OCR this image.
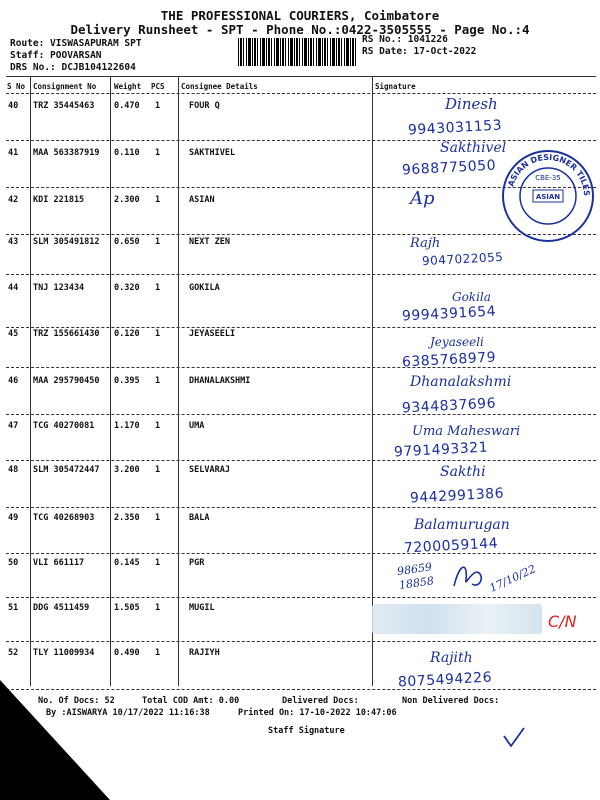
THE PROFESSIONAL COURIERS, Coimbatore
Delivery Runsheet - SPT - Phone No.:0422-3505555 - Page No.:4
Route: VISWASAPURAM SPT
Staff: POOVARSAN
DRS No.: DCJB104122604
RS No.: 1041226
RS Date: 17-Oct-2022
S No Consignment No Weight PCS Consignee Details	Signature
40 TRZ 35445463 0.470 1	FOUR Q	Dinesh
9943031153
41 MAA 563387919 0.110 1	SAKTHIVEL	Sakthivel
9688775050
42 KDI 221815	2.300 1	ASIAN	Ap
ASIAN DESIGNER TILES
CBE-35
ASIAN
43 SLM 305491812 0.650 1	NEXT ZEN	Rajh
9047022055
44 TNJ 123434	0.320 1	GOKILA
Gokila
9994391654
45 TRZ 155661430 0.120 1	JEYASEELI
Jeyaseeli
6385768979
46 MAA 295790450 0.395 1	DHANALAKSHMI	Dhanalakshmi
9344837696
47 TCG 40270081 1.170 1	UMA	Uma Maheswari
9791493321
48 SLM 305472447 3.200 1	SELVARAJ	Sakthi
9442991386
49 TCG 40268903 2.350 1	BALA	Balamurugan
7200059144
50 VLI 661117	0.145 1	PGR	98659 18858	17/10/22
51 DDG 4511459	1.505 1	MUGIL
C/N
52 TLY 11009934 0.490 1	RAJIYH	Rajith
8075494226
No. Of Docs: 52	Total COD Amt: 0.00	Delivered Docs:	Non Delivered Docs:
By :AISWARYA 10/17/2022 11:16:38	Printed On: 17-10-2022 10:47:06
Staff Signature
